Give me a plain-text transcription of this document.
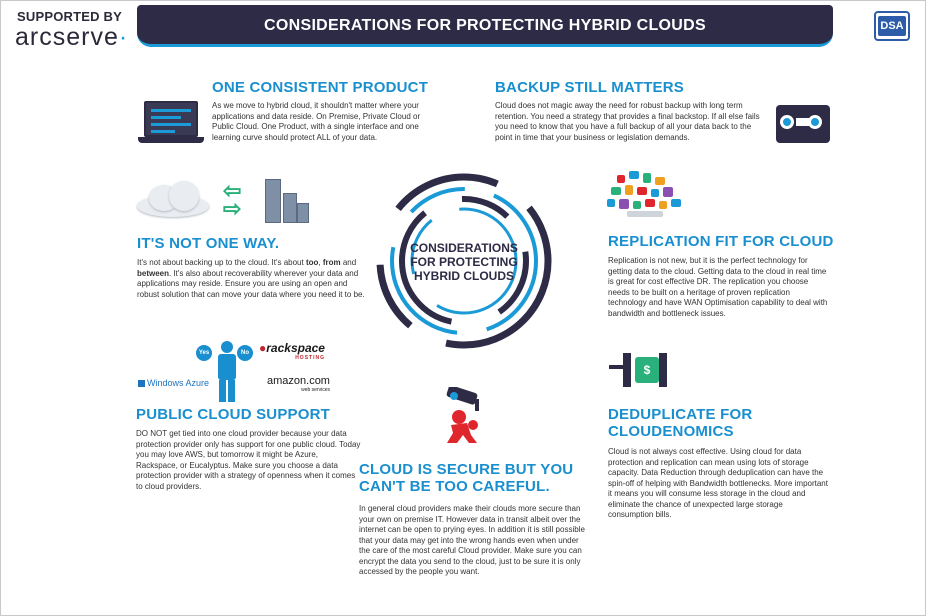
SUPPORTED BY
arcserve·	CONSIDERATIONS FOR PROTECTING HYBRID CLOUDS	DSA
ONE CONSISTENT PRODUCT
As we move to hybrid cloud, it shouldn't matter where your applications and data reside. On Premise, Private Cloud or Public Cloud. One Product, with a single interface and one learning curve should protect ALL of your data.
BACKUP STILL MATTERS
Cloud does not magic away the need for robust backup with long term retention. You need a strategy that provides a final backstop. If all else fails you need to know that you have a full backup of all your data back to the point in time that your business or legislation demands.
⇦
⇨
IT'S NOT ONE WAY.
It's not about backing up to the cloud. It's about too, from and between. It's also about recoverability wherever your data and applications may reside. Ensure you are using an open and robust solution that can move your data where you need it to be.
CONSIDERATIONS
FOR PROTECTING
HYBRID CLOUDS
REPLICATION FIT FOR CLOUD
Replication is not new, but it is the perfect technology for getting data to the cloud. Getting data to the cloud in real time is great for cost effective DR. The replication you choose needs to be built on a heritage of proven replication technology and have WAN Optimisation capability to deal with bandwidth and bottleneck issues.
Yes	No ●rackspace
HOSTING
amazon.com
web services
Windows Azure
PUBLIC CLOUD SUPPORT
DO NOT get tied into one cloud provider because your data protection provider only has support for one public cloud. Today you may love AWS, but tomorrow it might be Azure, Rackspace, or Eucalyptus. Make sure you choose a data protection provider with a strategy of openness when it comes to cloud providers.
$
DEDUPLICATE FOR
CLOUDENOMICS
Cloud is not always cost effective. Using cloud for data protection and replication can mean using lots of storage capacity. Data Reduction through deduplication can have the spin-off of helping with Bandwidth bottlenecks. More important it means you will consume less storage in the cloud and eliminate the chance of unexpected large storage consumption bills.
CLOUD IS SECURE BUT YOU
CAN'T BE TOO CAREFUL.
In general cloud providers make their clouds more secure than your own on premise IT. However data in transit albeit over the internet can be open to prying eyes. In addition it is still possible that your data may get into the wrong hands even when under the care of the most careful Cloud provider. Make sure you can encrypt the data you send to the cloud, just to be sure it is only accessed by the people you want.
